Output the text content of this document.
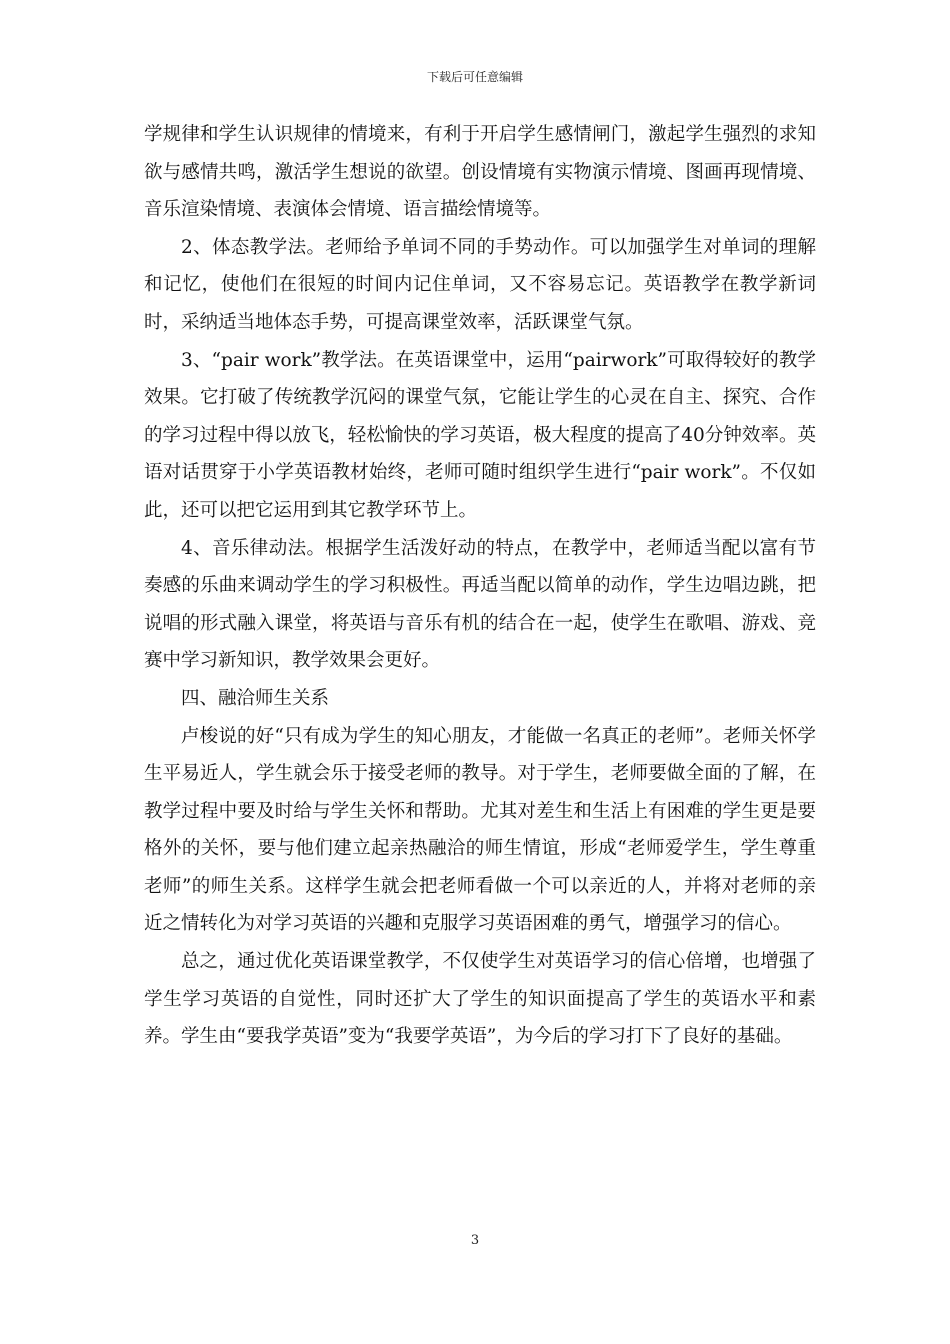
下载后可任意编辑

学规律和学生认识规律的情境来，有利于开启学生感情闸门，激起学生强烈的求知欲与感情共鸣，激活学生想说的欲望。创设情境有实物演示情境、图画再现情境、音乐渲染情境、表演体会情境、语言描绘情境等。

2、体态教学法。老师给予单词不同的手势动作。可以加强学生对单词的理解和记忆，使他们在很短的时间内记住单词，又不容易忘记。英语教学在教学新词时，采纳适当地体态手势，可提高课堂效率，活跃课堂气氛。

3、“pair work”教学法。在英语课堂中，运用“pairwork”可取得较好的教学效果。它打破了传统教学沉闷的课堂气氛，它能让学生的心灵在自主、探究、合作的学习过程中得以放飞，轻松愉快的学习英语，极大程度的提高了40分钟效率。英语对话贯穿于小学英语教材始终，老师可随时组织学生进行“pair work”。不仅如此，还可以把它运用到其它教学环节上。

4、音乐律动法。根据学生活泼好动的特点，在教学中，老师适当配以富有节奏感的乐曲来调动学生的学习积极性。再适当配以简单的动作，学生边唱边跳，把说唱的形式融入课堂，将英语与音乐有机的结合在一起，使学生在歌唱、游戏、竞赛中学习新知识，教学效果会更好。

四、融洽师生关系

卢梭说的好“只有成为学生的知心朋友，才能做一名真正的老师”。老师关怀学生平易近人，学生就会乐于接受老师的教导。对于学生，老师要做全面的了解，在教学过程中要及时给与学生关怀和帮助。尤其对差生和生活上有困难的学生更是要格外的关怀，要与他们建立起亲热融洽的师生情谊，形成“老师爱学生，学生尊重老师”的师生关系。这样学生就会把老师看做一个可以亲近的人，并将对老师的亲近之情转化为对学习英语的兴趣和克服学习英语困难的勇气，增强学习的信心。

总之，通过优化英语课堂教学，不仅使学生对英语学习的信心倍增，也增强了学生学习英语的自觉性，同时还扩大了学生的知识面提高了学生的英语水平和素养。学生由“要我学英语”变为“我要学英语”，为今后的学习打下了良好的基础。

3
